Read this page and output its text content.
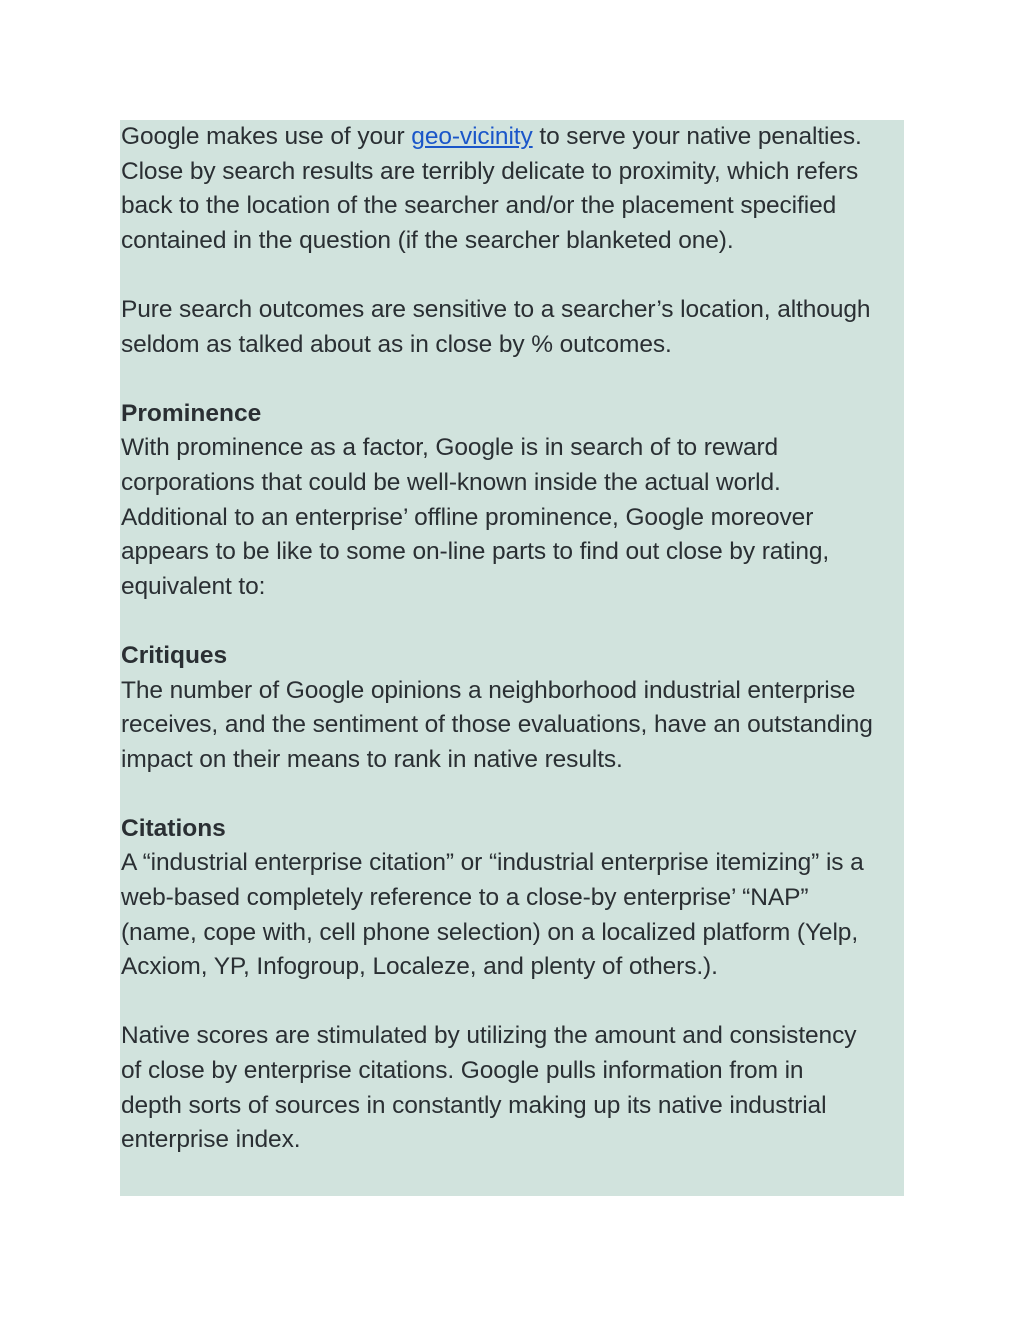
Google makes use of your geo-vicinity to serve your native penalties.
Close by search results are terribly delicate to proximity, which refers
back to the location of the searcher and/or the placement specified
contained in the question (if the searcher blanketed one).

Pure search outcomes are sensitive to a searcher’s location, although
seldom as talked about as in close by % outcomes.

Prominence

With prominence as a factor, Google is in search of to reward
corporations that could be well-known inside the actual world.
Additional to an enterprise’ offline prominence, Google moreover
appears to be like to some on-line parts to find out close by rating,
equivalent to:

Critiques

The number of Google opinions a neighborhood industrial enterprise
receives, and the sentiment of those evaluations, have an outstanding
impact on their means to rank in native results.

Citations

A “industrial enterprise citation” or “industrial enterprise itemizing” is a
web-based completely reference to a close-by enterprise’ “NAP”
(name, cope with, cell phone selection) on a localized platform (Yelp,
Acxiom, YP, Infogroup, Localeze, and plenty of others.).

Native scores are stimulated by utilizing the amount and consistency
of close by enterprise citations. Google pulls information from in
depth sorts of sources in constantly making up its native industrial
enterprise index.
